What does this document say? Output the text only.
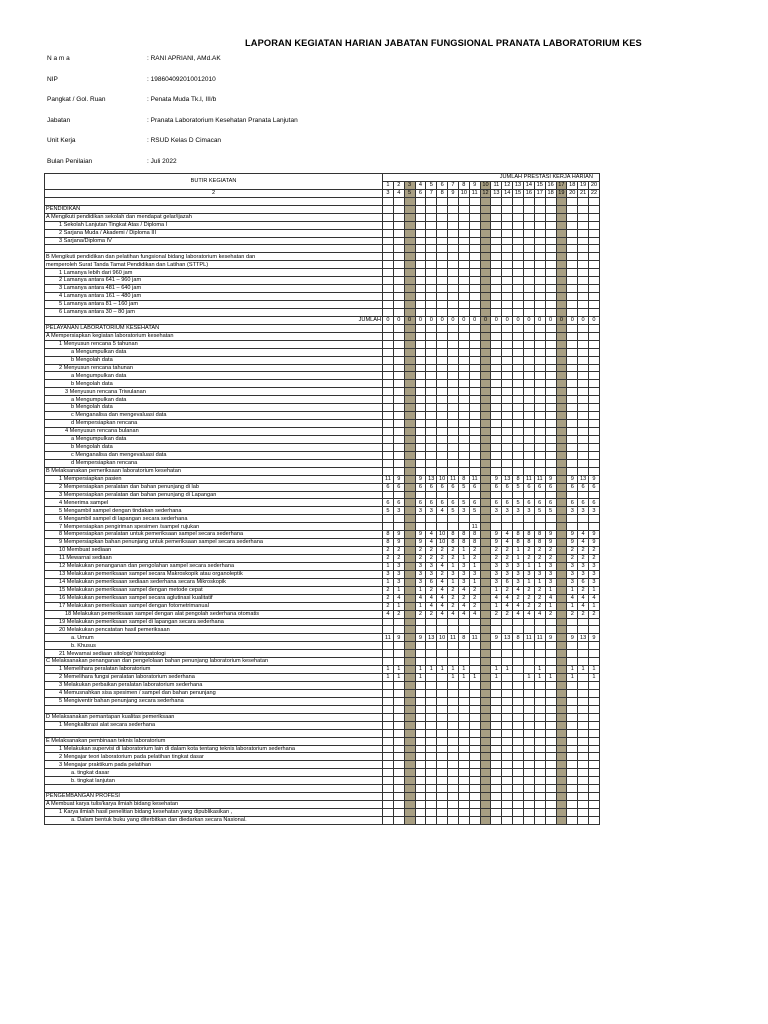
LAPORAN KEGIATAN HARIAN JABATAN FUNGSIONAL PRANATA LABORATORIUM KES
N a m a	: RANI APRIANI, AMd.AK
NIP	: 198604092010012010
Pangkat / Gol. Ruan	: Penata Muda Tk.I, III/b
Jabatan	: Pranata Laboratorium Kesehatan Pranata Lanjutan
Unit Kerja	: RSUD Kelas D Cimacan
Bulan Penilaian	: Juli 2022
BUTIR KEGIATAN	JUMLAH PRESTASI KERJA HARIAN																			
	1	2	3	4	5	6	7	8	9	10	11	12	13	14	15	16	17	18	19	20
2	3	4	5	6	7	8	9	10	11	12	13	14	15	16	17	18	19	20	21	22

PENDIDIKAN																				
A Mengikuti pendidikan sekolah dan mendapat gelar/ijazah																				
1 Sekolah Lanjutan Tingkat Atas / Diploma I																				
2 Sarjana Muda / Akademi / Diploma III																				
3 Sarjana/Diploma IV																				

B Mengikuti pendidikan dan pelatihan fungsional bidang laboratorium kesehatan dan																				
memperoleh Surat Tanda Tamat Pendidikan dan Latihan (STTPL)																				
1 Lamanya lebih dari 960 jam																				
2 Lamanya antara 641 – 960 jam																				
3 Lamanya antara 481 – 640 jam																				
4 Lamanya antara 161 – 480 jam																				
5 Lamanya antara 81 – 160 jam																				
6 Lamanya antara 30 – 80 jam																				
JUMLAH	0	0	0	0	0	0	0	0	0	0	0	0	0	0	0	0	0	0	0	0
PELAYANAN LABORATORIUM KESEHATAN																				
A Mempersiapkan kegiatan laboratorium kesehatan																				
1 Menyusun rencana 5 tahunan																				
a Mengumpulkan data																				
b Mengolah data																				
2 Menyusun rencana tahunan																				
a Mengumpulkan data																				
b Mengolah data																				
3 Menyusun rencana Triwulanan																				
a Mengumpulkan data																				
b Mengolah data																				
c Menganalisa dan mengevaluasi data																				
d Mempersiapkan rencana																				
4 Menyusun rencana bulanan																				
a Mengumpulkan data																				
b Mengolah data																				
c Menganalisa dan mengevaluasi data																				
d Mempersiapkan rencana																				
B Melaksanakan pemeriksaan laboratorium kesehatan																				
1 Mempersiapkan pasien	11	9		9	13	10	11	8	11		9	13	8	11	11	9		9	13	9
2 Mempersiapkan peralatan dan bahan penunjang di lab	6	6		6	6	6	6	5	6		6	6	5	6	6	6		6	6	6
3 Mempersiapkan peralatan dan bahan penunjang di Lapangan																				
4 Menerima sampel	6	6		6	6	6	6	5	6		6	6	5	6	6	6		6	6	6
5 Mengambil sampel dengan tindakan sederhana	5	3		3	3	4	5	3	5		3	3	3	3	5	5		3	3	3
6 Mengambil sampel di lapangan secara sederhana																				
7 Mempersiapkan pengiriman spesimen /sampel rujukan									11											
8 Mempersiapkan peralatan untuk pemeriksaan sampel secara sederhana	8	9		9	4	10	8	8	8		9	4	8	8	8	9		9	4	9
9 Mempersiapkan bahan penunjang untuk pemeriksaan sampel secara sederhana	8	9		9	4	10	8	8	8		9	4	8	8	8	9		9	4	9
10 Membuat sediaan	2	2		2	2	2	2	1	2		2	2	1	2	2	2		2	2	2
11 Mewarnai sediaan	2	2		2	2	2	2	1	2		2	2	1	2	2	2		2	2	2
12 Melakukan penanganan dan pengolahan sampel secara sederhana	1	3		3	3	4	1	3	1		3	3	3	1	1	3		3	3	3
13 Melakukan pemeriksaan sampel secara Makroskopik atau organoleptik	3	3		3	3	2	3	3	3		3	3	3	3	3	3		3	3	3
14 Melakukan pemeriksaan sediaan sederhana secara Mikroskopik	1	3		3	6	4	1	3	1		3	6	3	1	1	3		3	6	3
15 Melakukan pemeriksaan sampel dengan metode cepat	2	1		1	2	4	2	4	2		1	2	4	2	2	1		1	2	1
16 Melakukan pemeriksaan sampel secara aglutinasi kualitatif	2	4		4	4	4	2	2	2		4	4	2	2	2	4		4	4	4
17 Melakukan pemeriksaan sampel dengan fotometrimanual	2	1		1	4	4	2	4	2		1	4	4	2	2	1		1	4	1
18 Melakukan pemeriksaan sampel dengan alat pengolah sederhana otomatis	4	2		2	2	4	4	4	4		2	2	4	4	4	2		2	2	2
19 Melakukan pemeriksaan sampel di lapangan secara sederhana																				
20 Melakukan pencatatan hasil pemeriksaan																				
a. Umum	11	9		9	13	10	11	8	11		9	13	8	11	11	9		9	13	9
b. Khusus																				
21 Mewarnai sediaan sitologi/ histopatologi																				
C Melaksanakan penanganan dan pengelolaan bahan penunjang laboratorium kesehatan																				
1 Memelihara peralatan laboratorium	1	1		1	1	1	1	1			1	1			1			1	1	1
2 Memelihara fungsi peralatan laboratorium sederhana	1	1		1			1	1	1		1			1	1	1		1		1
3 Melakukan perbaikan peralatan laboratorium sederhana																				
4 Memusnahkan sisa spesimen / sampel dan bahan penunjang																				
5 Mengiventir bahan penunjang secara sederhana																				

D Melaksanakan pemantapan kualitas pemeriksaan																				
1 Mengkalibrasi alat secara sederhana																				

E Melaksanakan pembinaan teknis laboratorium																				
1 Melakukan supervisi di laboratorium lain di dalam kota tentang teknis laboratorium sederhana																				
2 Mengajar teori laboratorium pada pelatihan tingkat dasar																				
3 Mengajar praktikum pada pelatihan																				
a. tingkat dasar																				
b. tingkat lanjutan																				

PENGEMBANGAN PROFESI																				
A Membuat karya tulis/karya ilmiah bidang kesehatan																				
1 Karya ilmiah hasil penelitian bidang kesehatan yang dipublikasikan ,																				
a. Dalam bentuk buku yang diterbitkan dan diedarkan secara Nasional.																				
